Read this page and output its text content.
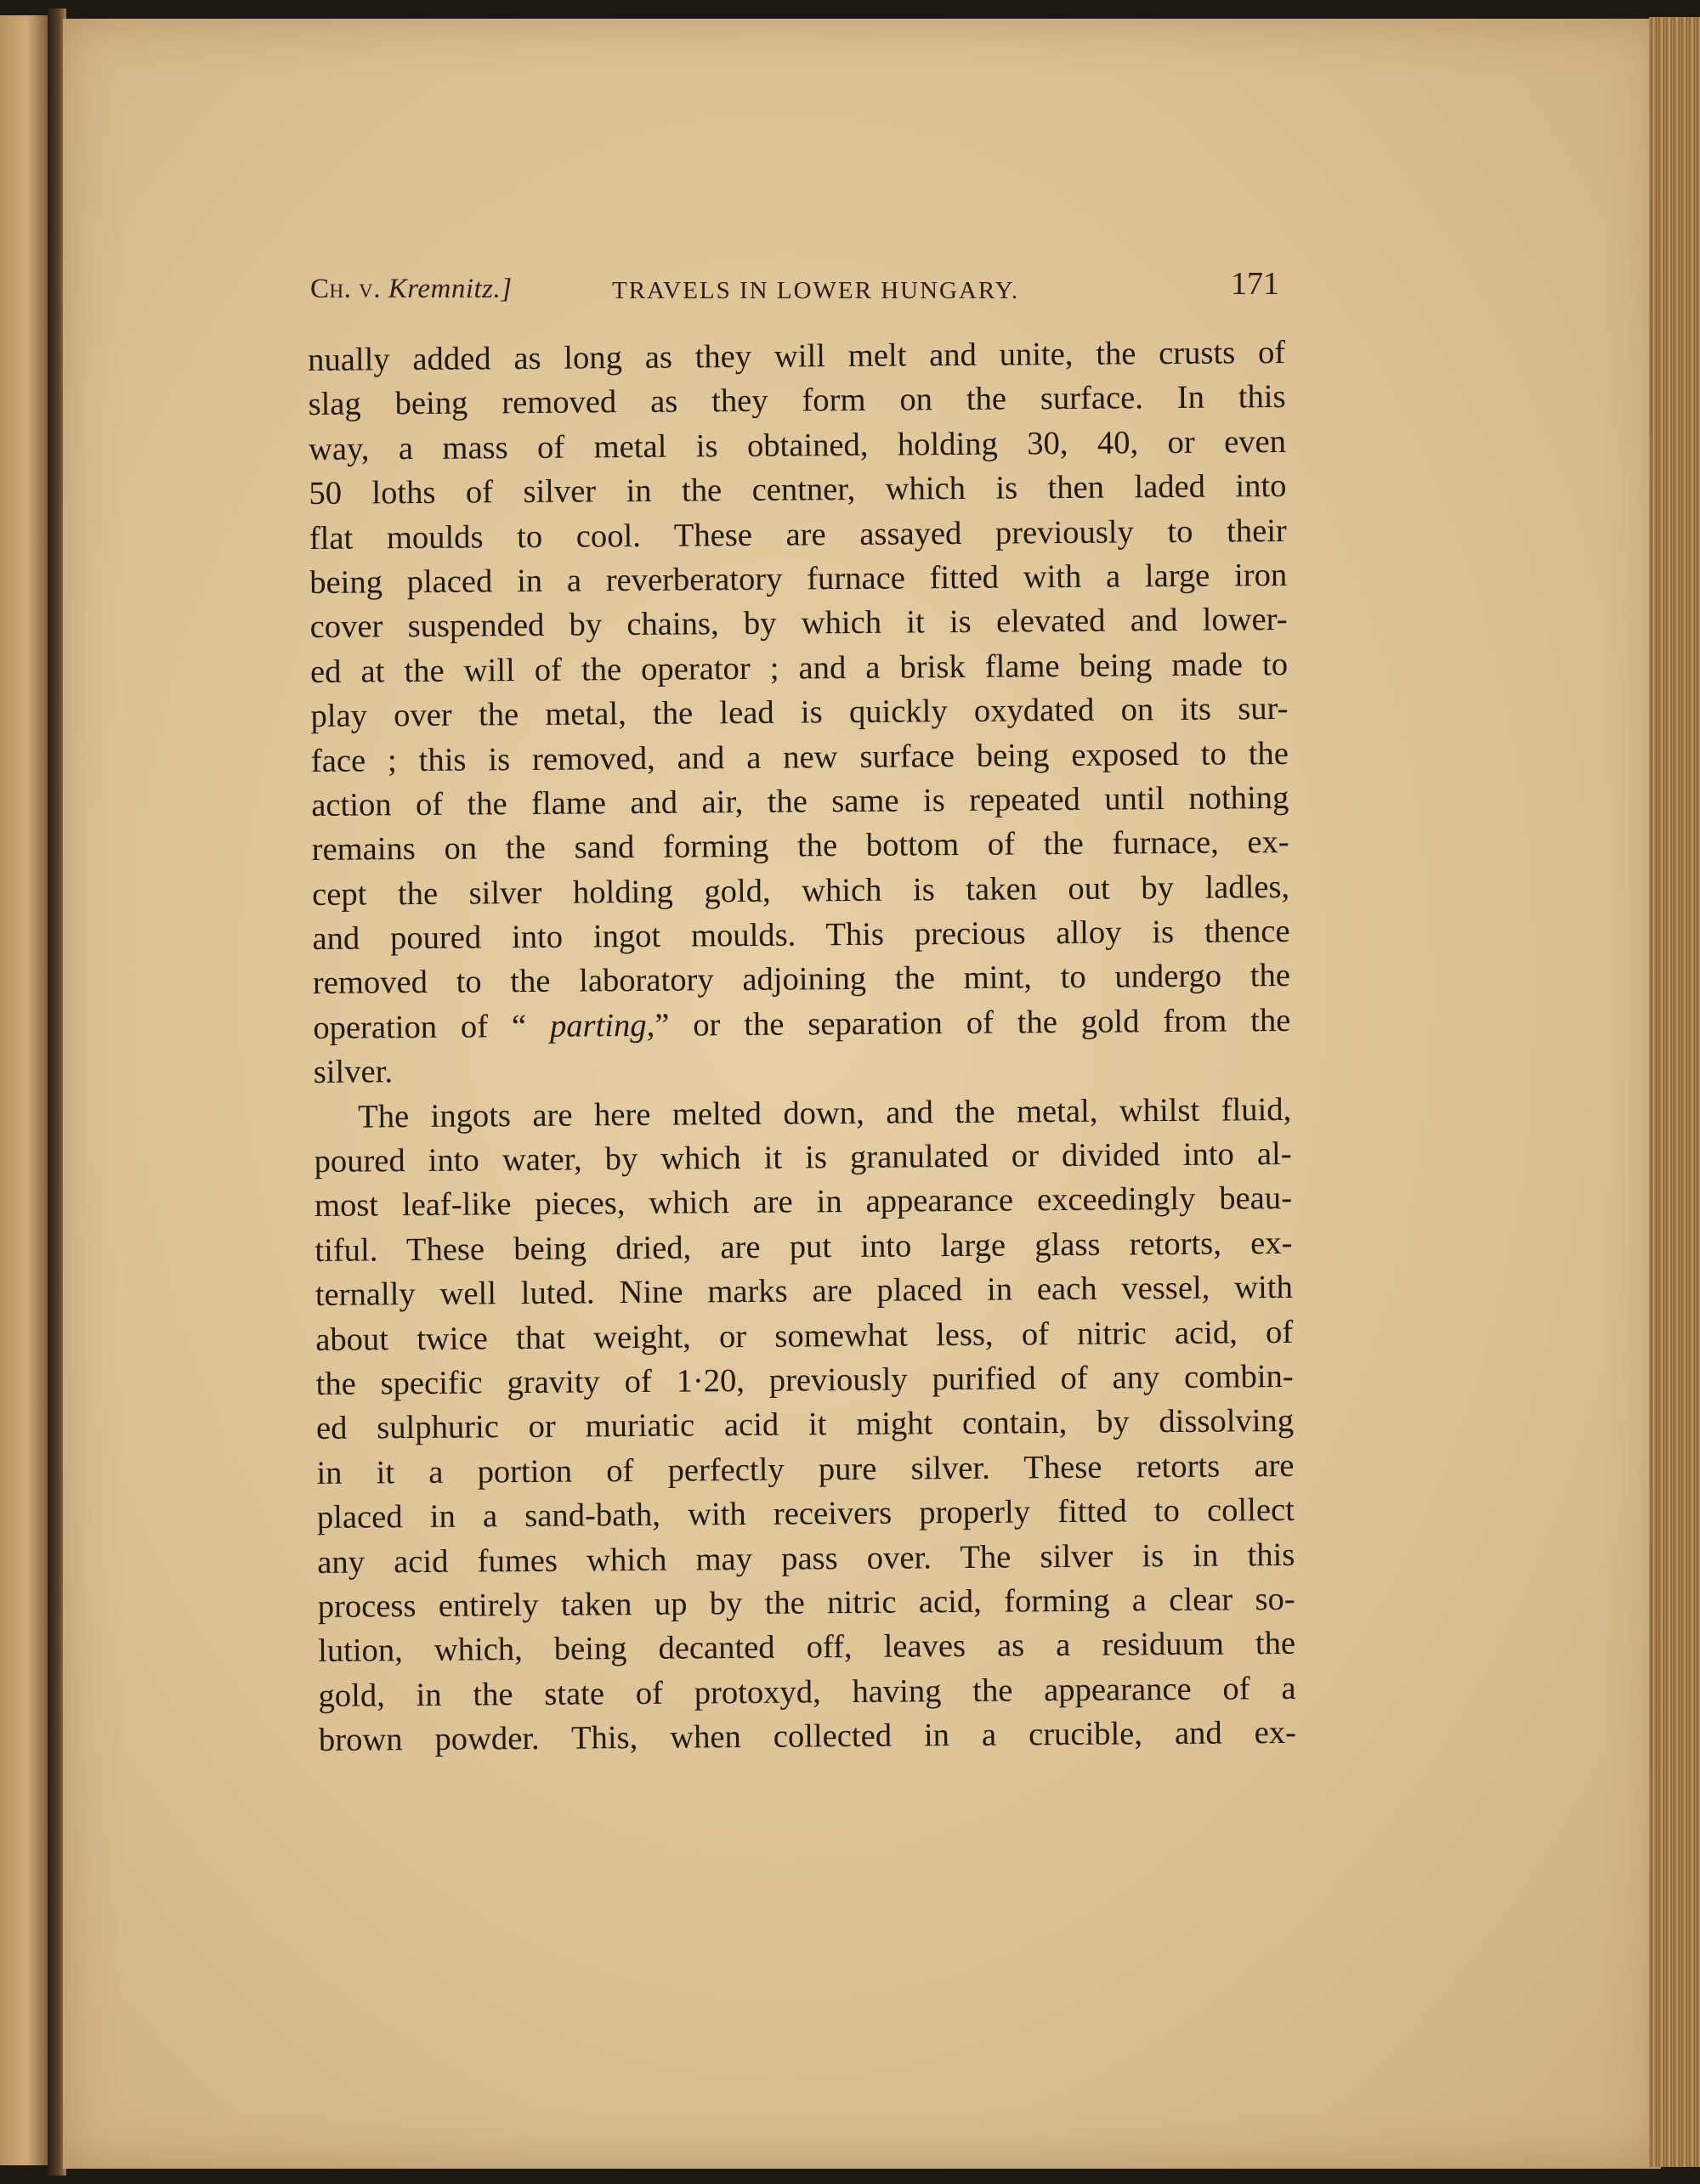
Ch. v. Kremnitz.]	TRAVELS IN LOWER HUNGARY.	171
nually added as long as they will melt and unite, the crusts of
slag being removed as they form on the surface. In this
way, a mass of metal is obtained, holding 30, 40, or even
50 loths of silver in the centner, which is then laded into
flat moulds to cool. These are assayed previously to their
being placed in a reverberatory furnace fitted with a large iron
cover suspended by chains, by which it is elevated and lower-
ed at the will of the operator ; and a brisk flame being made to
play over the metal, the lead is quickly oxydated on its sur-
face ; this is removed, and a new surface being exposed to the
action of the flame and air, the same is repeated until nothing
remains on the sand forming the bottom of the furnace, ex-
cept the silver holding gold, which is taken out by ladles,
and poured into ingot moulds. This precious alloy is thence
removed to the laboratory adjoining the mint, to undergo the
operation of “ parting,” or the separation of the gold from the
silver.
The ingots are here melted down, and the metal, whilst fluid,
poured into water, by which it is granulated or divided into al-
most leaf-like pieces, which are in appearance exceedingly beau-
tiful. These being dried, are put into large glass retorts, ex-
ternally well luted. Nine marks are placed in each vessel, with
about twice that weight, or somewhat less, of nitric acid, of
the specific gravity of 1·20, previously purified of any combin-
ed sulphuric or muriatic acid it might contain, by dissolving
in it a portion of perfectly pure silver. These retorts are
placed in a sand-bath, with receivers properly fitted to collect
any acid fumes which may pass over. The silver is in this
process entirely taken up by the nitric acid, forming a clear so-
lution, which, being decanted off, leaves as a residuum the
gold, in the state of protoxyd, having the appearance of a
brown powder. This, when collected in a crucible, and ex-
